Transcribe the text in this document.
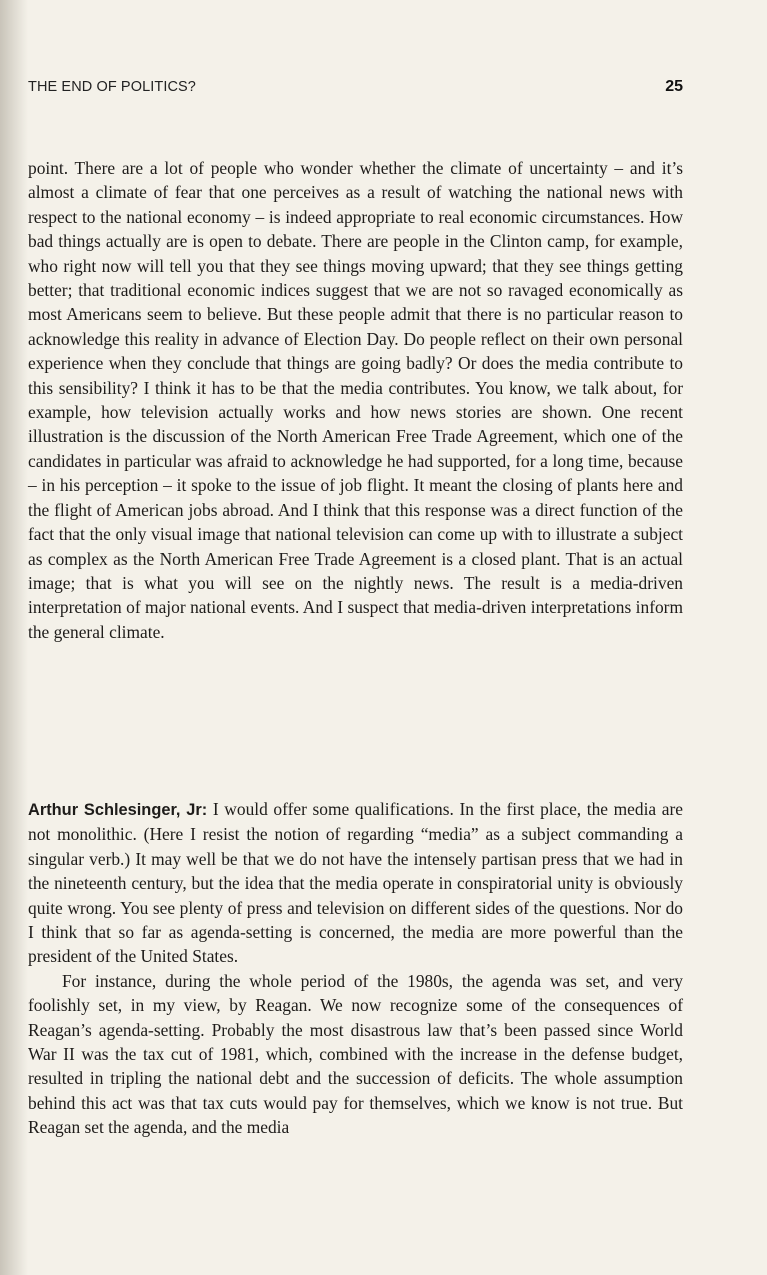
THE END OF POLITICS?	25

point. There are a lot of people who wonder whether the climate of uncertainty – and it’s almost a climate of fear that one perceives as a result of watching the national news with respect to the national economy – is indeed appropriate to real economic circumstances. How bad things actually are is open to debate. There are people in the Clinton camp, for example, who right now will tell you that they see things moving upward; that they see things getting better; that traditional economic indices suggest that we are not so ravaged economically as most Americans seem to believe. But these people admit that there is no particular reason to acknowledge this reality in advance of Election Day. Do people reflect on their own personal experience when they conclude that things are going badly? Or does the media contribute to this sensibility? I think it has to be that the media contributes. You know, we talk about, for example, how television actually works and how news stories are shown. One recent illustration is the discussion of the North American Free Trade Agreement, which one of the candidates in particular was afraid to acknowledge he had supported, for a long time, because – in his perception – it spoke to the issue of job flight. It meant the closing of plants here and the flight of American jobs abroad. And I think that this response was a direct function of the fact that the only visual image that national television can come up with to illustrate a subject as complex as the North American Free Trade Agreement is a closed plant. That is an actual image; that is what you will see on the nightly news. The result is a media-driven interpretation of major national events. And I suspect that media-driven interpretations inform the general climate.

Arthur Schlesinger, Jr: I would offer some qualifications. In the first place, the media are not monolithic. (Here I resist the notion of regarding “media” as a subject commanding a singular verb.) It may well be that we do not have the intensely partisan press that we had in the nineteenth century, but the idea that the media operate in conspiratorial unity is obviously quite wrong. You see plenty of press and television on different sides of the questions. Nor do I think that so far as agenda-setting is concerned, the media are more powerful than the president of the United States.

For instance, during the whole period of the 1980s, the agenda was set, and very foolishly set, in my view, by Reagan. We now recognize some of the consequences of Reagan’s agenda-setting. Probably the most disastrous law that’s been passed since World War II was the tax cut of 1981, which, combined with the increase in the defense budget, resulted in tripling the national debt and the succession of deficits. The whole assumption behind this act was that tax cuts would pay for themselves, which we know is not true. But Reagan set the agenda, and the media
